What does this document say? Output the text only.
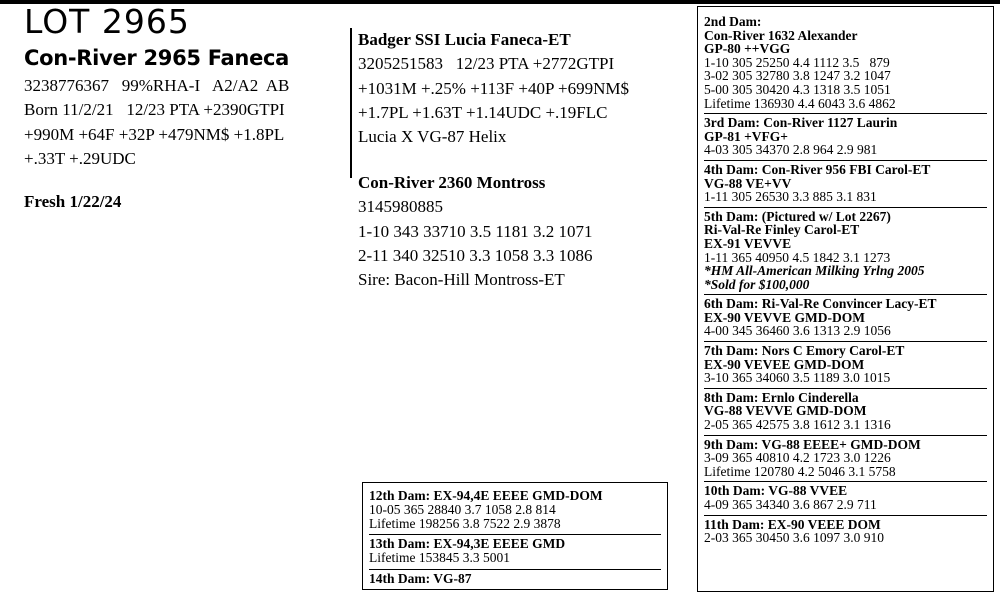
LOT 2965
Con-River 2965 Faneca
3238776367   99%RHA-I   A2/A2  AB
Born 11/2/21   12/23 PTA +2390GTPI
+990M +64F +32P +479NM$ +1.8PL
+.33T +.29UDC
Fresh 1/22/24
Badger SSI Lucia Faneca-ET
3205251583   12/23 PTA +2772GTPI
+1031M +.25% +113F +40P +699NM$
+1.7PL +1.63T +1.14UDC +.19FLC
Lucia X VG-87 Helix
Con-River 2360 Montross
3145980885
1-10 343 33710 3.5 1181 3.2 1071
2-11 340 32510 3.3 1058 3.3 1086
Sire: Bacon-Hill Montross-ET
2nd Dam:
Con-River 1632 Alexander
GP-80 ++VGG
1-10 305 25250 4.4 1112 3.5   879
3-02 305 32780 3.8 1247 3.2 1047
5-00 305 30420 4.3 1318 3.5 1051
Lifetime 136930 4.4 6043 3.6 4862
3rd Dam: Con-River 1127 Laurin
GP-81 +VFG+
4-03 305 34370 2.8 964 2.9 981
4th Dam: Con-River 956 FBI Carol-ET
VG-88 VE+VV
1-11 305 26530 3.3 885 3.1 831
5th Dam: (Pictured w/ Lot 2267)
Ri-Val-Re Finley Carol-ET
EX-91 VEVVE
1-11 365 40950 4.5 1842 3.1 1273
*HM All-American Milking Yrlng 2005
*Sold for $100,000
6th Dam: Ri-Val-Re Convincer Lacy-ET
EX-90 VEVVE GMD-DOM
4-00 345 36460 3.6 1313 2.9 1056
7th Dam: Nors C Emory Carol-ET
EX-90 VEVEE GMD-DOM
3-10 365 34060 3.5 1189 3.0 1015
8th Dam: Ernlo Cinderella
VG-88 VEVVE GMD-DOM
2-05 365 42575 3.8 1612 3.1 1316
9th Dam: VG-88 EEEE+ GMD-DOM
3-09 365 40810 4.2 1723 3.0 1226
Lifetime 120780 4.2 5046 3.1 5758
10th Dam: VG-88 VVEE
4-09 365 34340 3.6 867 2.9 711
11th Dam: EX-90 VEEE DOM
2-03 365 30450 3.6 1097 3.0 910
12th Dam: EX-94,4E EEEE GMD-DOM
10-05 365 28840 3.7 1058 2.8 814
Lifetime 198256 3.8 7522 2.9 3878
13th Dam: EX-94,3E EEEE GMD
Lifetime 153845 3.3 5001
14th Dam: VG-87
